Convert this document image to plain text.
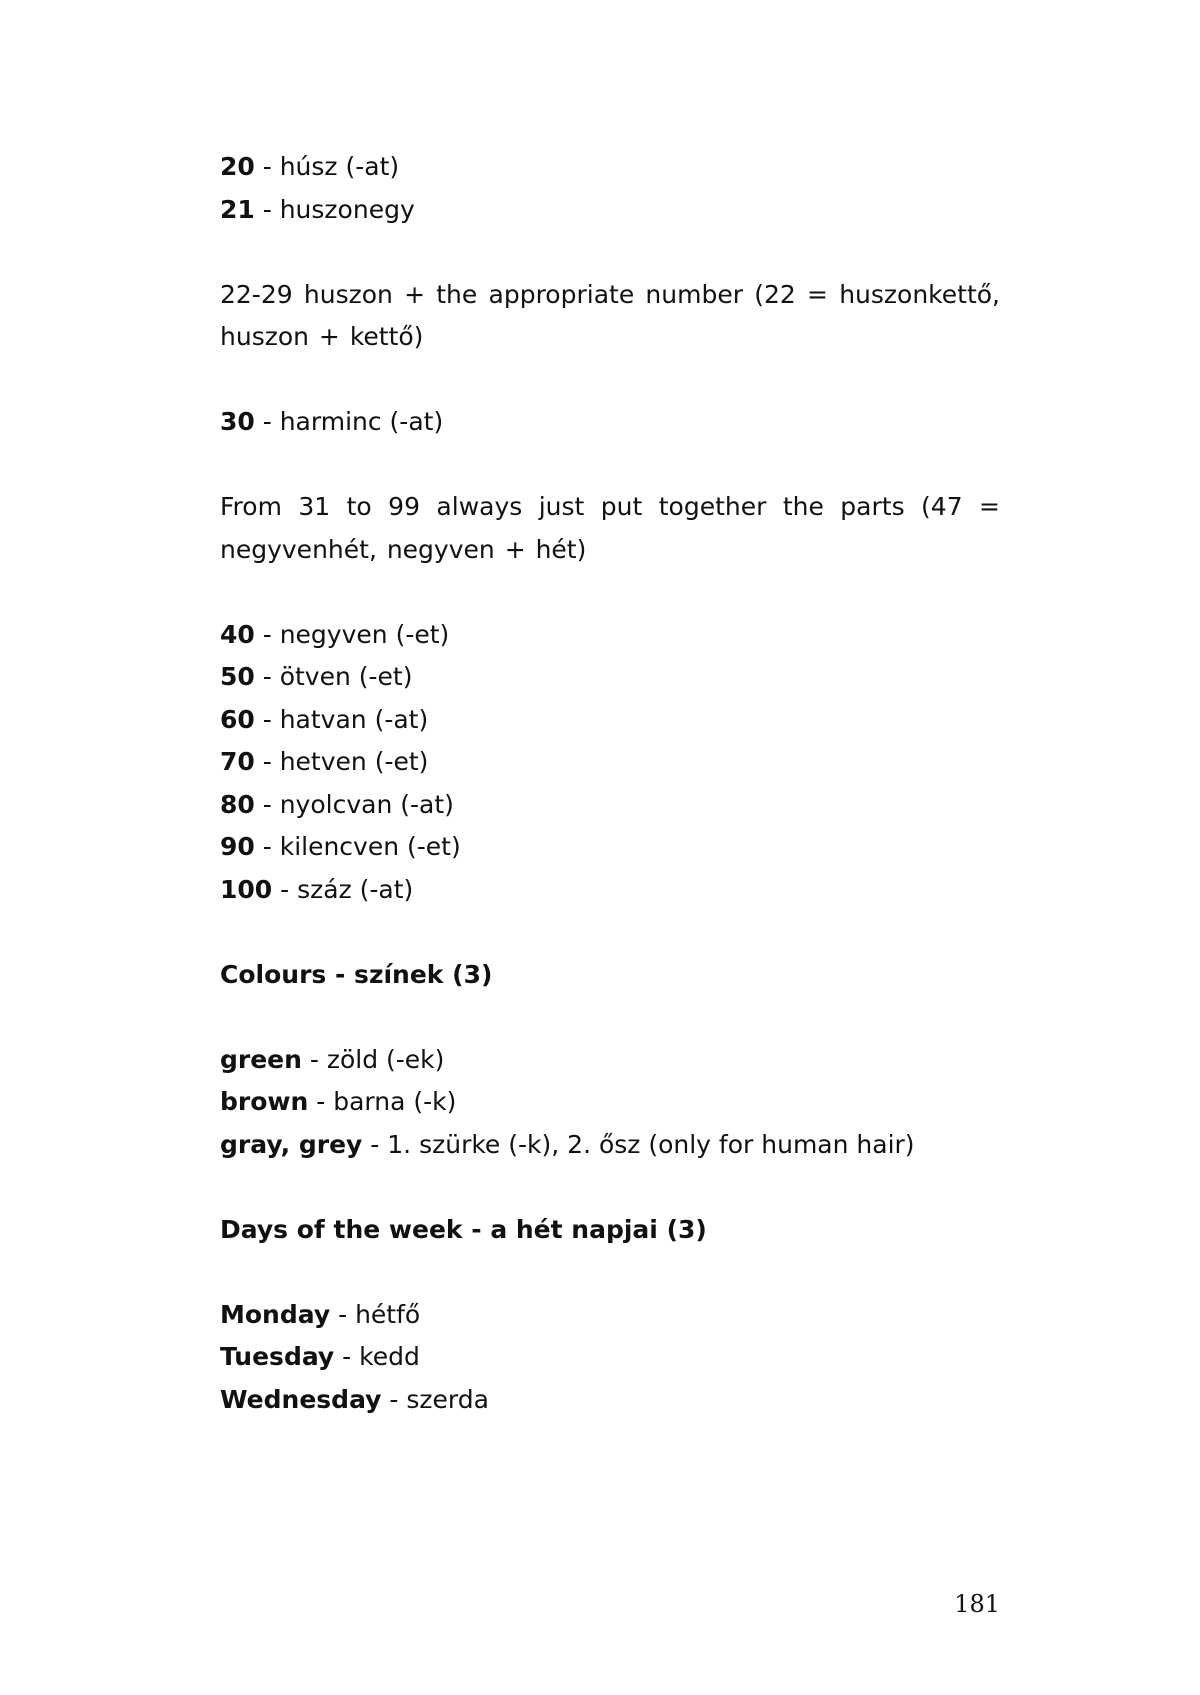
20 - húsz (-at)

21 - huszonegy

22-29 huszon + the appropriate number (22 = huszonkettő, huszon + kettő)

30 - harminc (-at)

From 31 to 99 always just put together the parts (47 = negyvenhét, negyven + hét)

40 - negyven (-et)

50 - ötven (-et)

60 - hatvan (-at)

70 - hetven (-et)

80 - nyolcvan (-at)

90 - kilencven (-et)

100 - száz (-at)

Colours - színek (3)

green - zöld (-ek)

brown - barna (-k)

gray, grey - 1. szürke (-k), 2. ősz (only for human hair)

Days of the week - a hét napjai (3)

Monday - hétfő

Tuesday - kedd

Wednesday - szerda

181
